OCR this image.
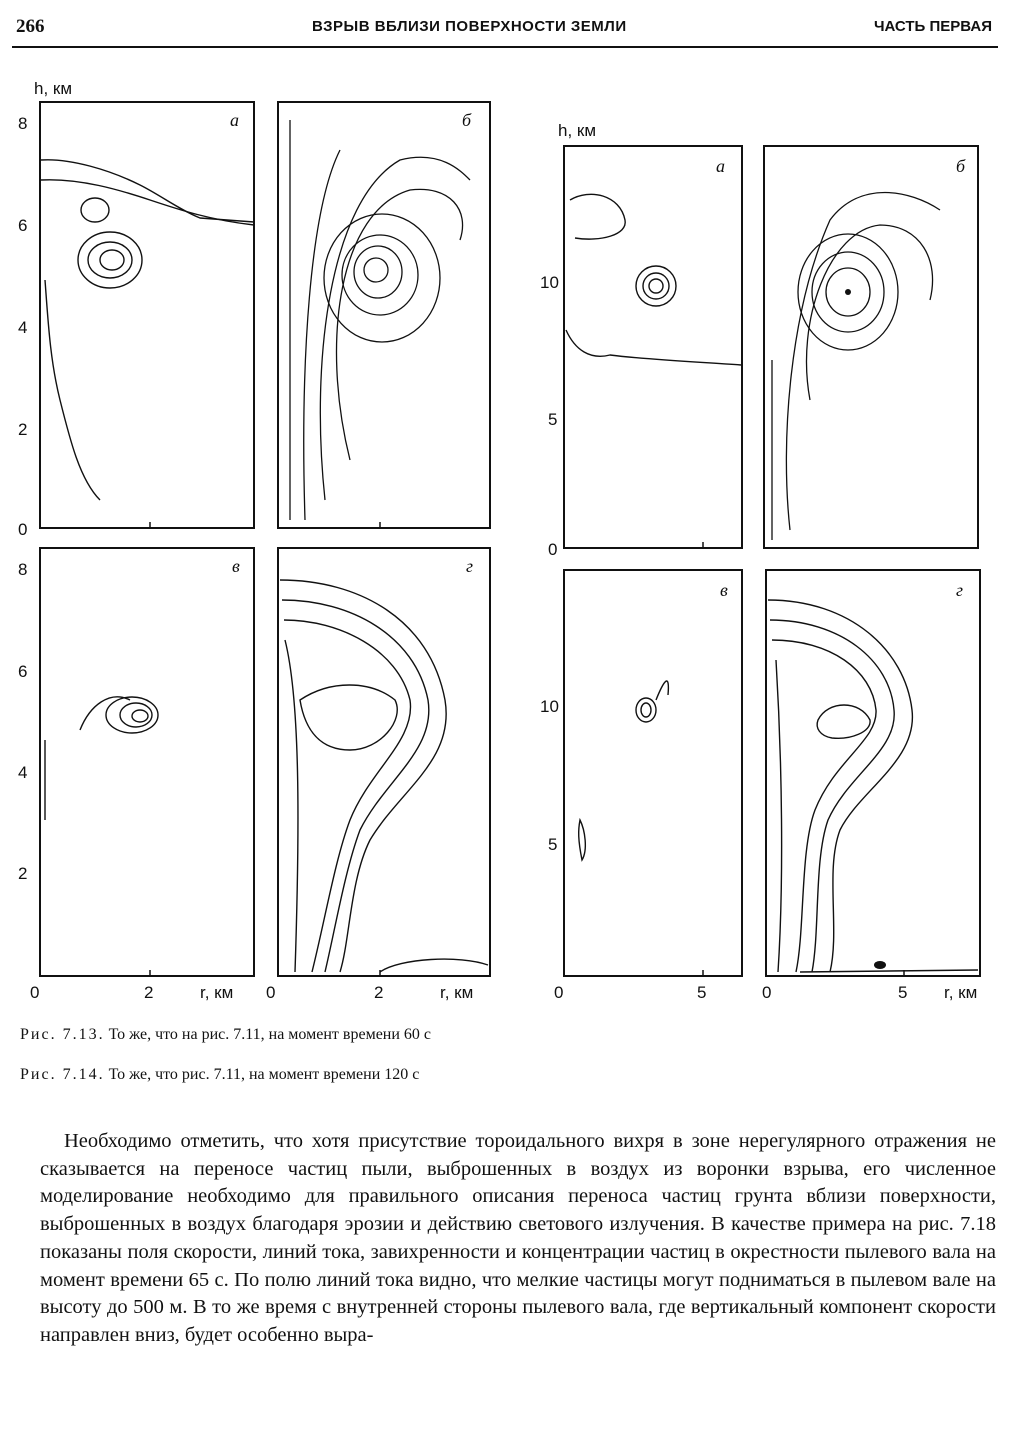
266	ВЗРЫВ ВБЛИЗИ ПОВЕРХНОСТИ ЗЕМЛИ	ЧАСТЬ ПЕРВАЯ
h, км
8
6
4
2
0
8
6
4
2
а	б
в	г
0	2	r, км 0	2	r, км
h, км
10
5
0
10
5
а	б
в	г
0	5	0	5 r, км

Рис. 7.13. То же, что на рис. 7.11, на момент времени 60 с

Рис. 7.14. То же, что рис. 7.11, на момент времени 120 с

Необходимо отметить, что хотя присутствие тороидального вихря в зоне нерегулярного отражения не сказывается на переносе частиц пыли, выброшенных в воздух из воронки взрыва, его численное моделирование необходимо для правильного описания переноса частиц грунта вблизи поверхности, выброшенных в воздух благодаря эрозии и действию светового излучения. В качестве примера на рис. 7.18 показаны поля скорости, линий тока, завихренности и концентрации частиц в окрестности пылевого вала на момент времени 65 с. По полю линий тока видно, что мелкие частицы могут подниматься в пылевом вале на высоту до 500 м. В то же время с внутренней стороны пылевого вала, где вертикальный компонент скорости направлен вниз, будет особенно выра-
